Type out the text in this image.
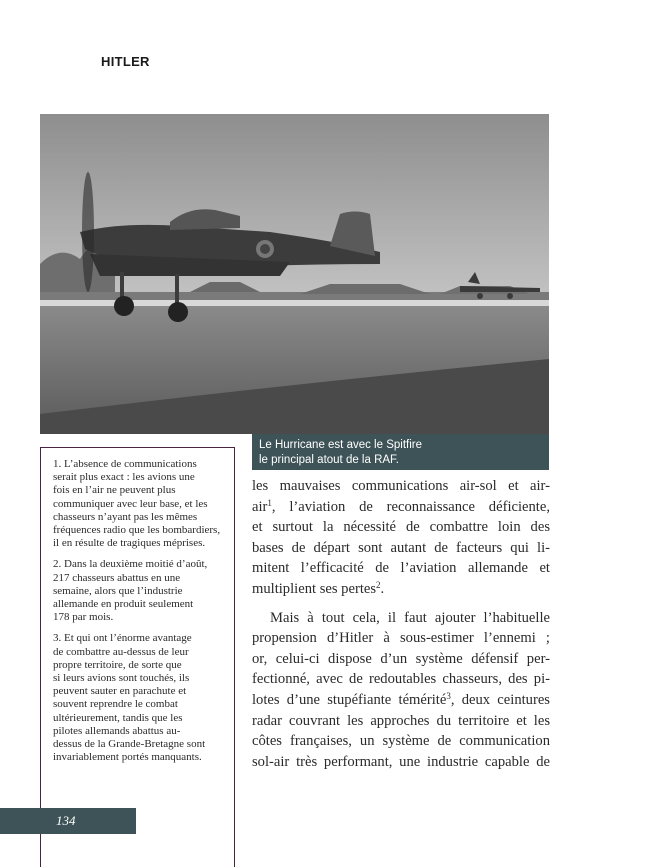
HITLER
Le Hurricane est avec le Spitfire
le principal atout de la RAF.
1. L’absence de communications
serait plus exact : les avions une
fois en l’air ne peuvent plus
communiquer avec leur base, et les
chasseurs n’ayant pas les mêmes
fréquences radio que les bombardiers,
il en résulte de tragiques méprises.
2. Dans la deuxième moitié d’août,
217 chasseurs abattus en une
semaine, alors que l’industrie
allemande en produit seulement
178 par mois.
3. Et qui ont l’énorme avantage
de combattre au-dessus de leur
propre territoire, de sorte que
si leurs avions sont touchés, ils
peuvent sauter en parachute et
souvent reprendre le combat
ultérieurement, tandis que les
pilotes allemands abattus au-
dessus de la Grande-Bretagne sont
invariablement portés manquants.

les mauvaises communications air-sol et air-
air$^1$, l’aviation de reconnaissance déficiente,
et surtout la nécessité de combattre loin des
bases de départ sont autant de facteurs qui li-
mitent l’efficacité de l’aviation allemande et
multiplient ses pertes$^2$.

Mais à tout cela, il faut ajouter l’habituelle
propension d’Hitler à sous-estimer l’ennemi ;
or, celui-ci dispose d’un système défensif per-
fectionné, avec de redoutables chasseurs, des pi-
lotes d’une stupéfiante témérité$^3$, deux ceintures
radar couvrant les approches du territoire et les
côtes françaises, un système de communication
sol-air très performant, une industrie capable de

134
